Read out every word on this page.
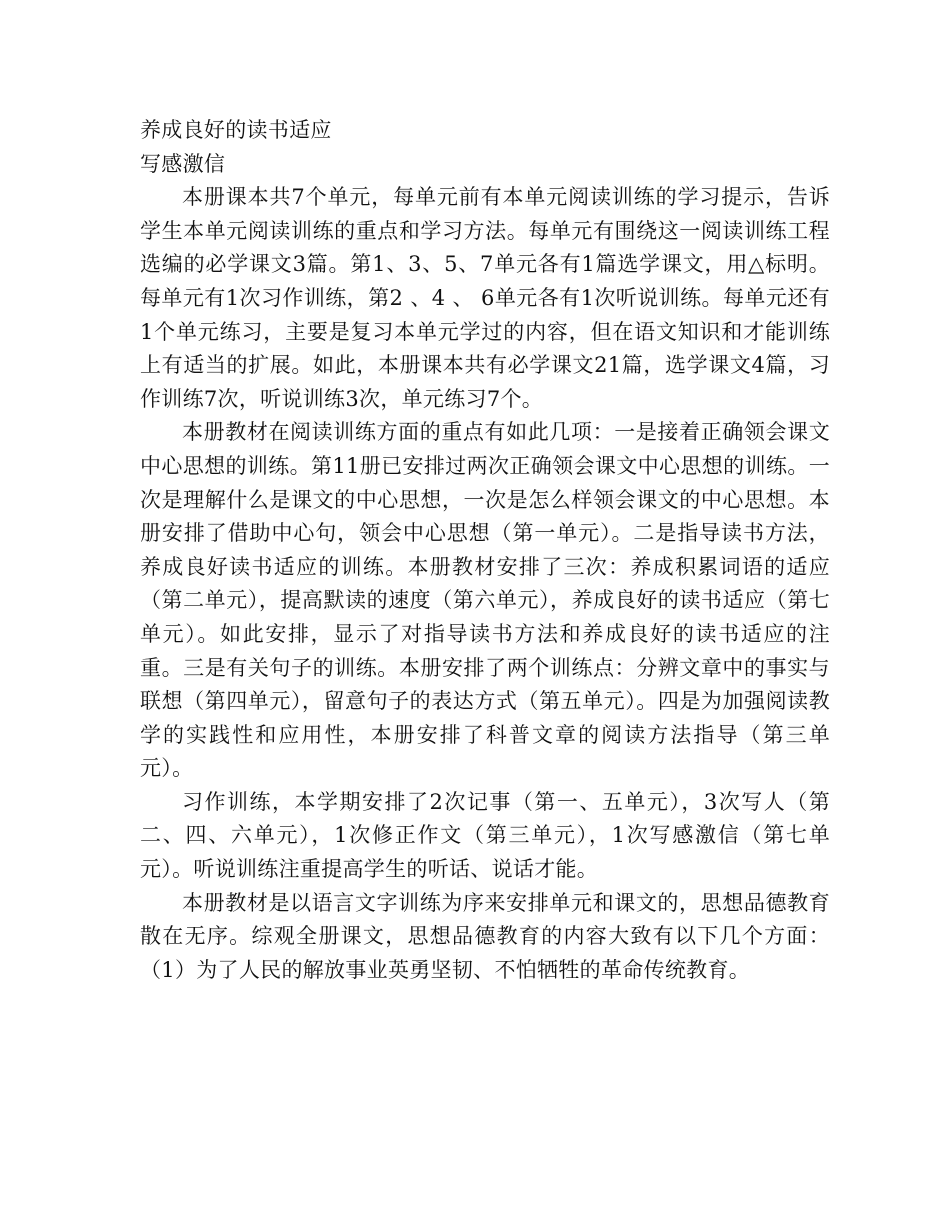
养成良好的读书适应
写感激信

本册课本共7个单元，每单元前有本单元阅读训练的学习提示，告诉学生本单元阅读训练的重点和学习方法。每单元有围绕这一阅读训练工程选编的必学课文3篇。第1、3、5、7单元各有1篇选学课文，用△标明。每单元有1次习作训练，第2 、4 、 6单元各有1次听说训练。每单元还有1个单元练习，主要是复习本单元学过的内容，但在语文知识和才能训练上有适当的扩展。如此，本册课本共有必学课文21篇，选学课文4篇，习作训练7次，听说训练3次，单元练习7个。

本册教材在阅读训练方面的重点有如此几项：一是接着正确领会课文中心思想的训练。第11册已安排过两次正确领会课文中心思想的训练。一次是理解什么是课文的中心思想，一次是怎么样领会课文的中心思想。本册安排了借助中心句，领会中心思想（第一单元）。二是指导读书方法，养成良好读书适应的训练。本册教材安排了三次：养成积累词语的适应（第二单元），提高默读的速度（第六单元），养成良好的读书适应（第七单元）。如此安排，显示了对指导读书方法和养成良好的读书适应的注重。三是有关句子的训练。本册安排了两个训练点：分辨文章中的事实与联想（第四单元），留意句子的表达方式（第五单元）。四是为加强阅读教学的实践性和应用性，本册安排了科普文章的阅读方法指导（第三单元）。

习作训练，本学期安排了2次记事（第一、五单元），3次写人（第二、四、六单元），1次修正作文（第三单元），1次写感激信（第七单元）。听说训练注重提高学生的听话、说话才能。

本册教材是以语言文字训练为序来安排单元和课文的，思想品德教育散在无序。综观全册课文，思想品德教育的内容大致有以下几个方面：（1）为了人民的解放事业英勇坚韧、不怕牺牲的革命传统教育。
